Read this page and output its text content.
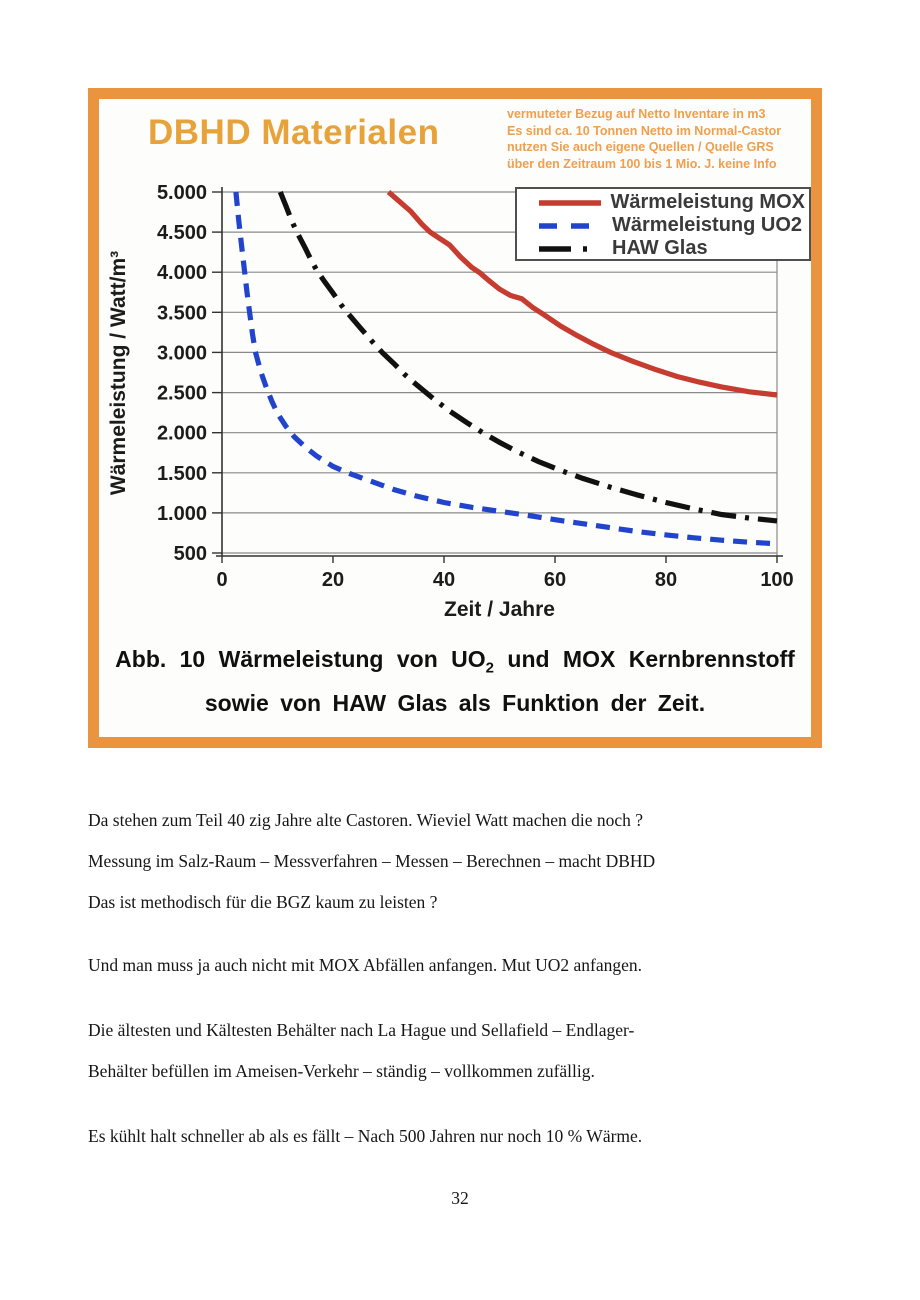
DBHD Materialen	vermuteter Bezug auf Netto Inventare in m3
Es sind ca. 10 Tonnen Netto im Normal-Castor
nutzen Sie auch eigene Quellen / Quelle GRS
über den Zeitraum 100 bis 1 Mio. J. keine Info
5.000
4.500
4.000
3.500
3.000
2.500
2.000
1.500
1.000
500
0	20	40	60	80	100
Zeit / Jahre
Wärmeleistung / Watt/m³
Wärmeleistung MOX
Wärmeleistung UO2
HAW Glas
Abb. 10 Wärmeleistung von $UO_2$ und MOX Kernbrennstoff
sowie von HAW Glas als Funktion der Zeit.
Da stehen zum Teil 40 zig Jahre alte Castoren. Wieviel Watt machen die noch ?
Messung im Salz-Raum – Messverfahren – Messen – Berechnen – macht DBHD
Das ist methodisch für die BGZ kaum zu leisten ?
Und man muss ja auch nicht mit MOX Abfällen anfangen. Mut UO2 anfangen.
Die ältesten und Kältesten Behälter nach La Hague und Sellafield – Endlager-
Behälter befüllen im Ameisen-Verkehr – ständig – vollkommen zufällig.
Es kühlt halt schneller ab als es fällt – Nach 500 Jahren nur noch 10 % Wärme.
32
